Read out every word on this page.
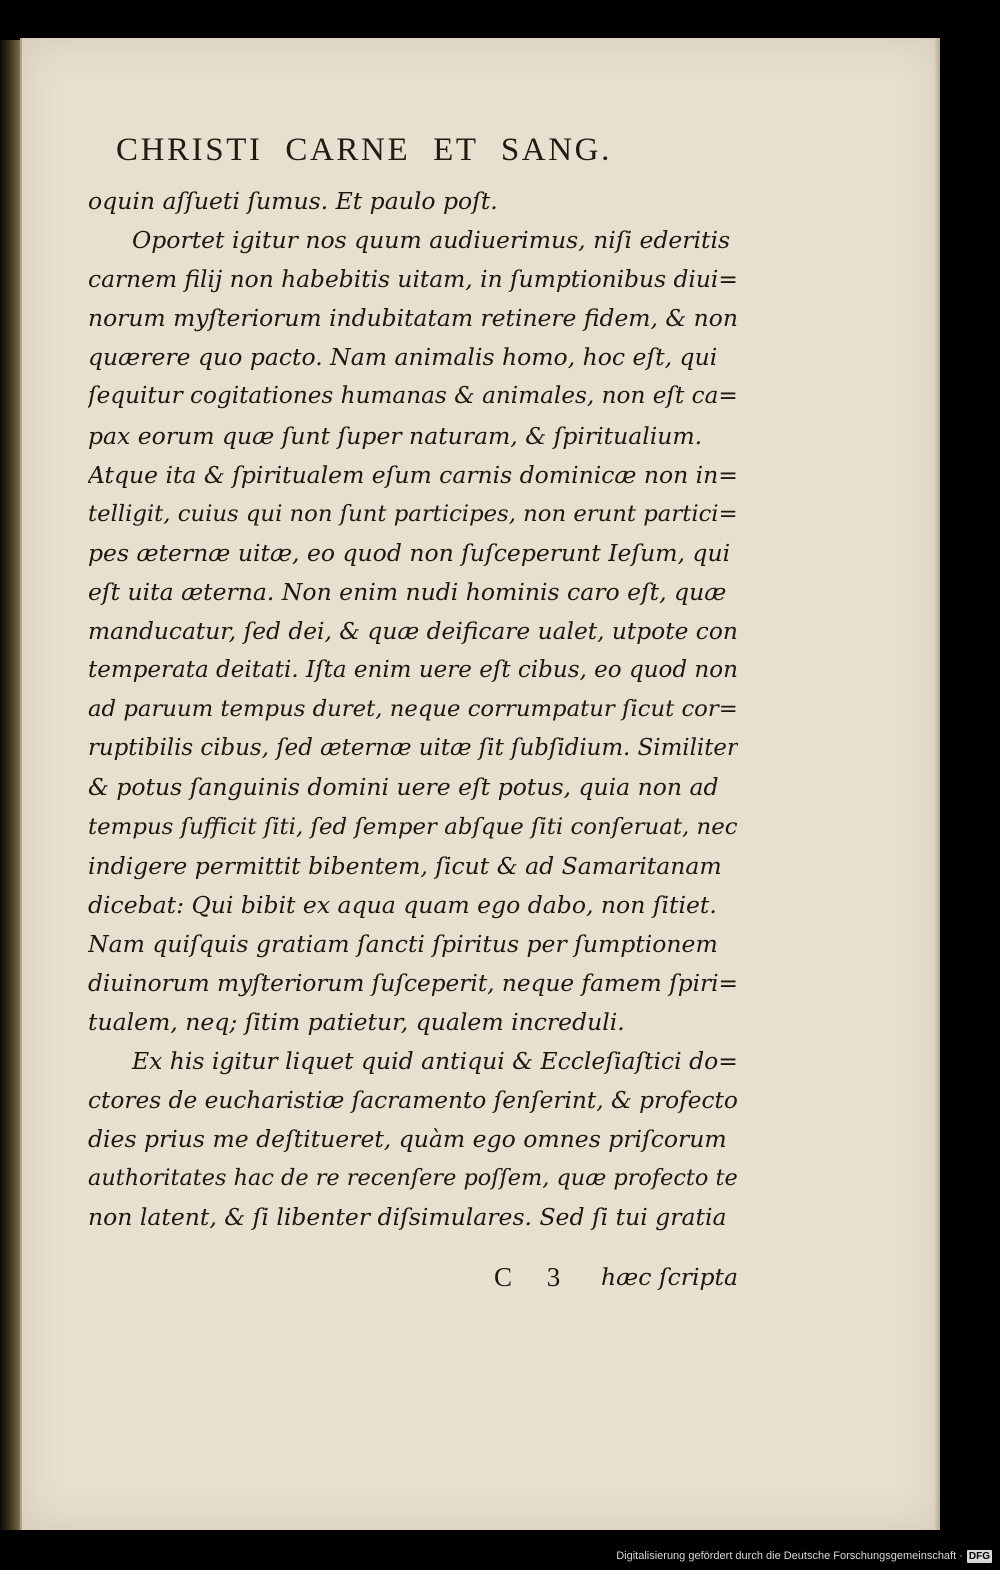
CHRISTI CARNE ET SANG.
oquin aſſueti ſumus. Et paulo poſt.
Oportet igitur nos quum audiuerimus, niſi ederitis
carnem filij non habebitis uitam, in ſumptionibus diui=
norum myſteriorum indubitatam retinere fidem, & non
quærere quo pacto. Nam animalis homo, hoc eſt, qui
ſequitur cogitationes humanas & animales, non eſt ca=
pax eorum quæ ſunt ſuper naturam, & ſpiritualium.
Atque ita & ſpiritualem eſum carnis dominicæ non in=
telligit, cuius qui non ſunt participes, non erunt partici=
pes æternæ uitæ, eo quod non ſuſceperunt Ieſum, qui
eſt uita æterna. Non enim nudi hominis caro eſt, quæ
manducatur, ſed dei, & quæ deificare ualet, utpote con
temperata deitati. Iſta enim uere eſt cibus, eo quod non
ad paruum tempus duret, neque corrumpatur ſicut cor=
ruptibilis cibus, ſed æternæ uitæ ſit ſubſidium. Similiter
& potus ſanguinis domini uere eſt potus, quia non ad
tempus ſufficit ſiti, ſed ſemper abſque ſiti conſeruat, nec
indigere permittit bibentem, ſicut & ad Samaritanam
dicebat: Qui bibit ex aqua quam ego dabo, non ſitiet.
Nam quiſquis gratiam ſancti ſpiritus per ſumptionem
diuinorum myſteriorum ſuſceperit, neque famem ſpiri=
tualem, neq; ſitim patietur, qualem increduli.
Ex his igitur liquet quid antiqui & Eccleſiaſtici do=
ctores de eucharistiæ ſacramento ſenſerint, & profecto
dies prius me deſtitueret, quàm ego omnes priſcorum
authoritates hac de re recenſere poſſem, quæ profecto te
non latent, & ſi libenter diſsimulares. Sed ſi tui gratia
C 3 hæc ſcripta
Digitalisierung gefördert durch die Deutsche Forschungsgemeinschaft · DFG
